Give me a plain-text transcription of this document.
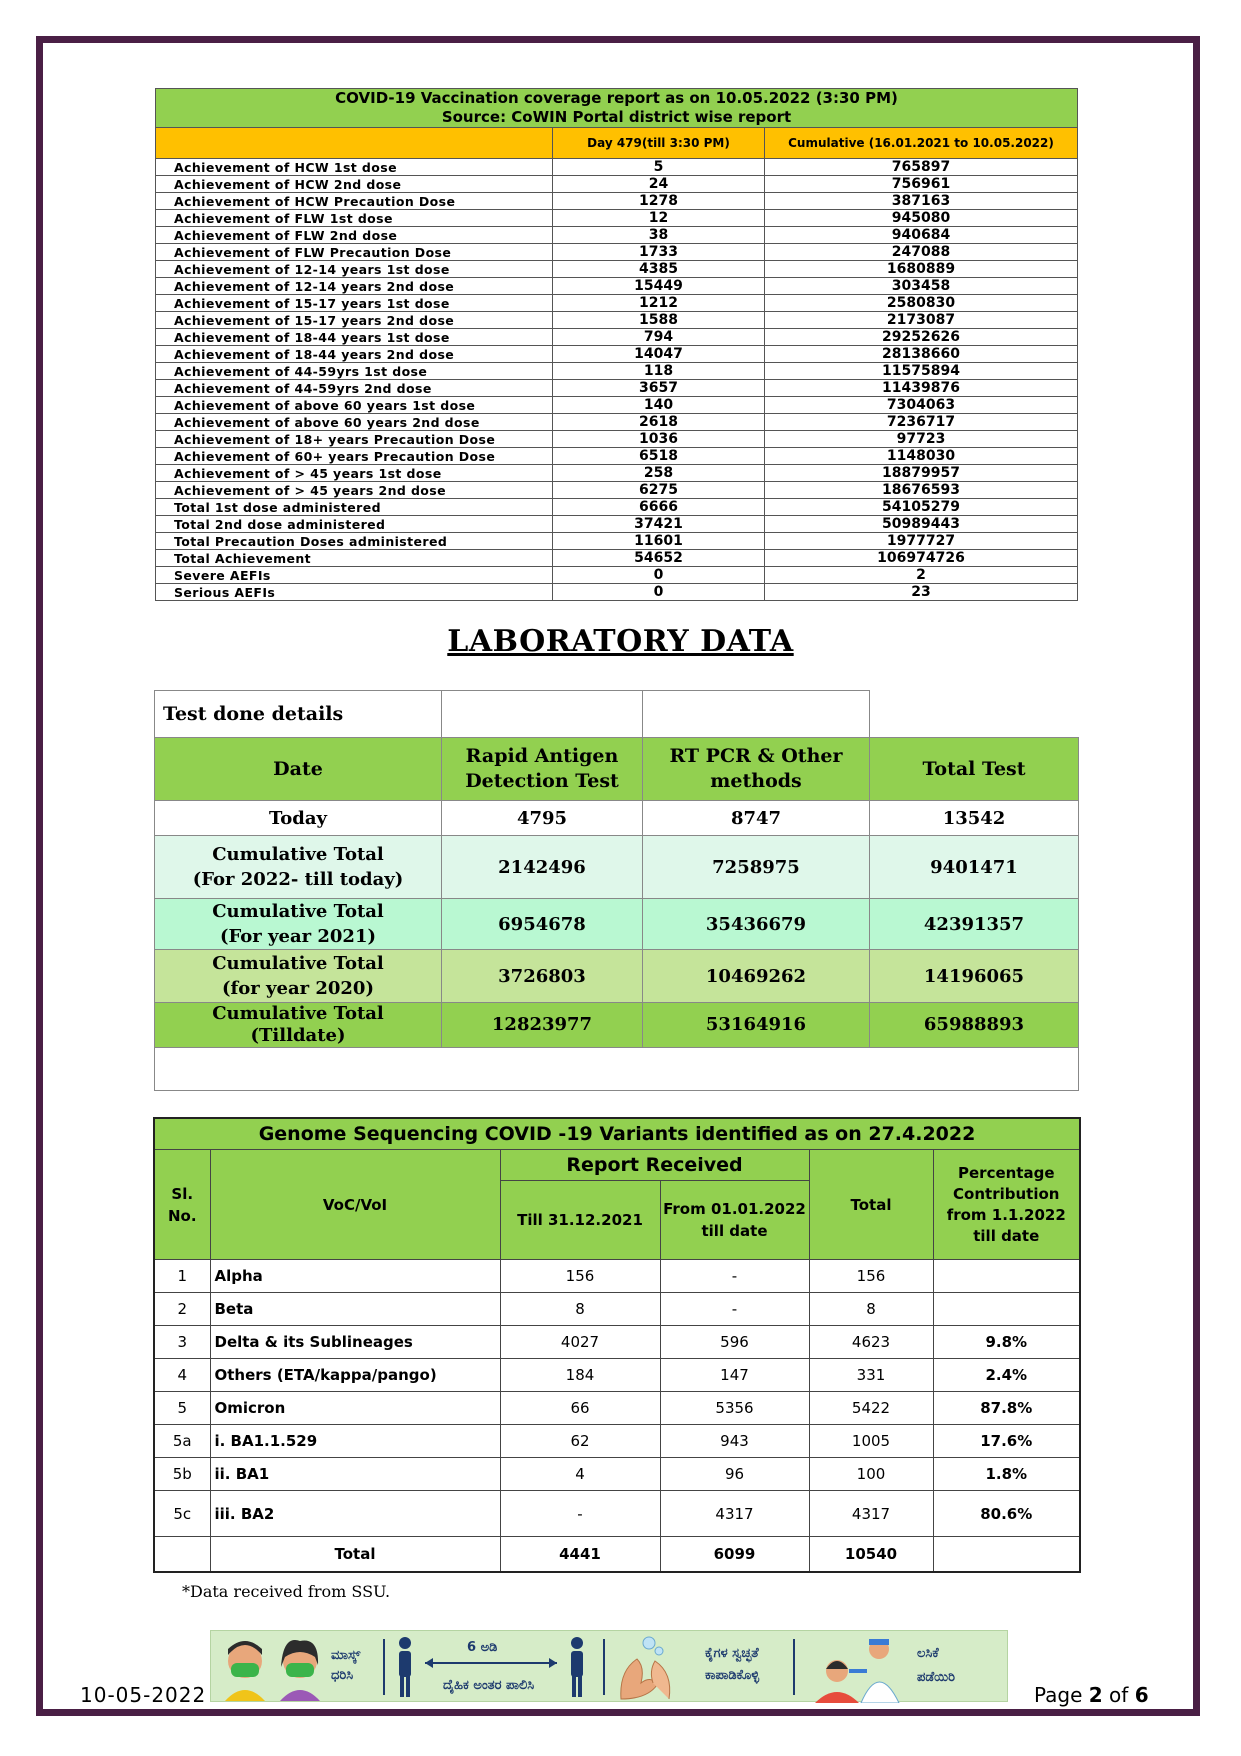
COVID-19 Vaccination coverage report as on 10.05.2022 (3:30 PM)
Source: CoWIN Portal district wise report		

	Day 479(till 3:30 PM)	Cumulative (16.01.2021 to 10.05.2022)
Achievement of HCW 1st dose	5	765897
Achievement of HCW 2nd dose	24	756961
Achievement of HCW Precaution Dose	1278	387163
Achievement of FLW 1st dose	12	945080
Achievement of FLW 2nd dose	38	940684
Achievement of FLW Precaution Dose	1733	247088
Achievement of 12-14 years 1st dose	4385	1680889
Achievement of 12-14 years 2nd dose	15449	303458
Achievement of 15-17 years 1st dose	1212	2580830
Achievement of 15-17 years 2nd dose	1588	2173087
Achievement of 18-44 years 1st dose	794	29252626
Achievement of 18-44 years 2nd dose	14047	28138660
Achievement of 44-59yrs 1st dose	118	11575894
Achievement of 44-59yrs 2nd dose	3657	11439876
Achievement of above 60 years 1st dose	140	7304063
Achievement of above 60 years 2nd dose	2618	7236717
Achievement of 18+ years Precaution Dose	1036	97723
Achievement of 60+ years Precaution Dose	6518	1148030
Achievement of > 45 years 1st dose	258	18879957
Achievement of > 45 years 2nd dose	6275	18676593
Total 1st dose administered	6666	54105279
Total 2nd dose administered	37421	50989443
Total Precaution Doses administered	11601	1977727
Total Achievement	54652	106974726
Severe AEFIs	0	2
Serious AEFIs	0	23
LABORATORY DATA
Test done details			
Date	Rapid Antigen Detection Test	RT PCR & Other methods	Total Test

Today	4795	8747	13542

Cumulative Total
(For 2022- till today)	2142496	7258975	9401471

Cumulative Total
(For year 2021)	6954678	35436679	42391357

Cumulative Total
(for year 2020)	3726803	10469262	14196065

Cumulative Total
(Tilldate)	12823977	53164916	65988893

Genome Sequencing COVID -19 Variants identified as on 27.4.2022					
Sl. No.	VoC/VoI	Report Received		Total	Percentage Contribution from 1.1.2022 till date
		Till 31.12.2021	From 01.01.2022 till date		
1	Alpha	156	-	156	
2	Beta	8	-	8	
3	Delta & its Sublineages	4027	596	4623	9.8%
4	Others (ETA/kappa/pango)	184	147	331	2.4%
5	Omicron	66	5356	5422	87.8%
5a	i. BA1.1.529	62	943	1005	17.6%
5b	ii. BA1	4	96	100	1.8%
5c	iii. BA2	-	4317	4317	80.6%
	Total	4441	6099	10540	
*Data received from SSU.
ಮಾಸ್ಕ್
ಧರಿಸಿ
6 ಅಡಿ
ದೈಹಿಕ ಅಂತರ ಪಾಲಿಸಿ
ಕೈಗಳ ಸ್ವಚ್ಛತೆ
ಕಾಪಾಡಿಕೊಳ್ಳಿ
ಲಸಿಕೆ
ಪಡೆಯಿರಿ
10-05-2022	Page 2 of 6
